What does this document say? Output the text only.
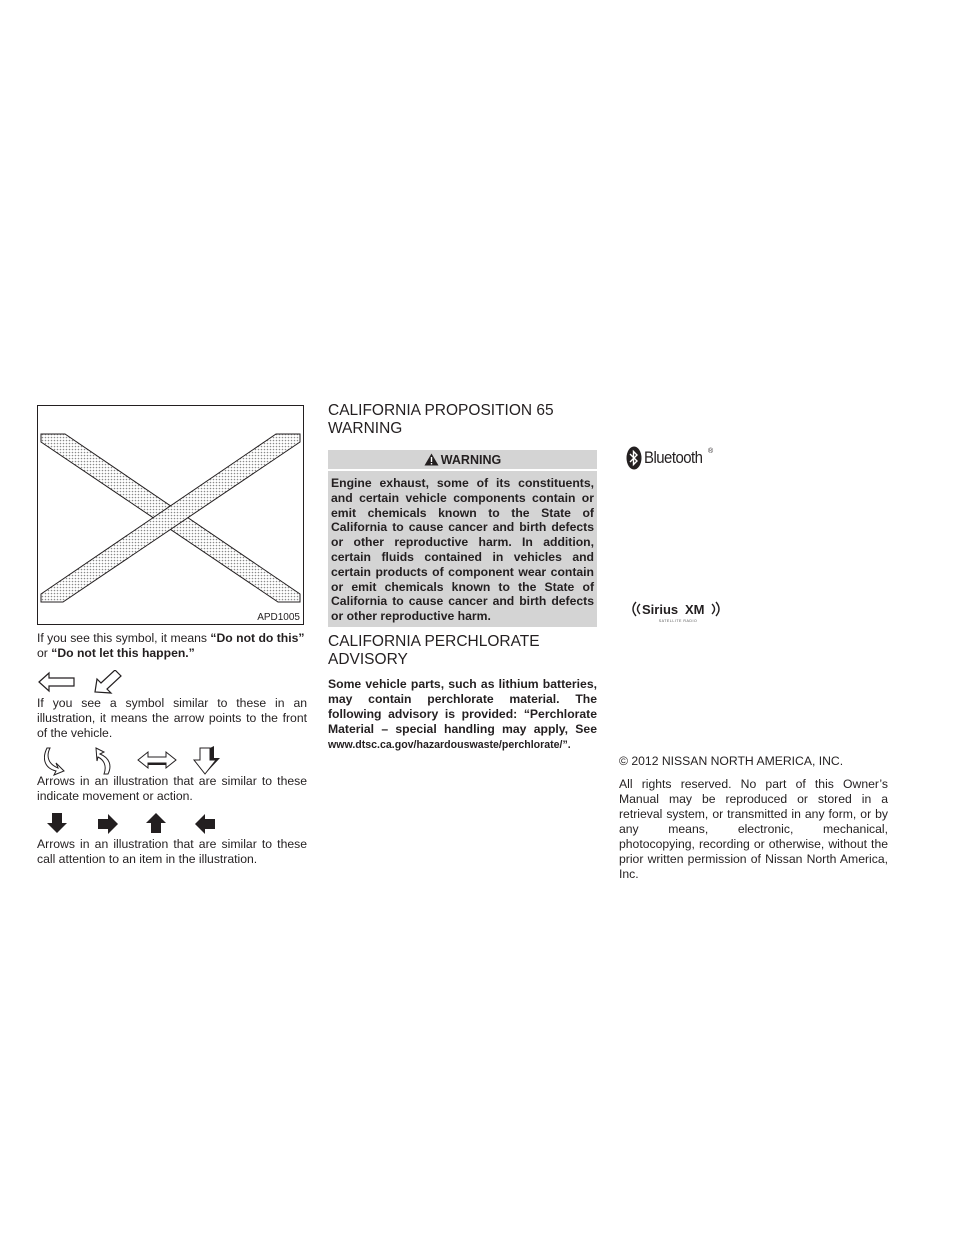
APD1005
If you see this symbol, it means “Do not do this” or “Do not let this happen.”
If you see a symbol similar to these in an illustration, it means the arrow points to the front of the vehicle.
Arrows in an illustration that are similar to these indicate movement or action.
Arrows in an illustration that are similar to these call attention to an item in the illustration.
CALIFORNIA PROPOSITION 65
WARNING
WARNING
Engine exhaust, some of its constituents, and certain vehicle components contain or emit chemicals known to the State of California to cause cancer and birth defects or other reproductive harm. In addition, certain fluids contained in vehicles and certain products of component wear contain or emit chemicals known to the State of California to cause cancer and birth defects or other reproductive harm.
CALIFORNIA PERCHLORATE
ADVISORY
Some vehicle parts, such as lithium batteries, may contain perchlorate material. The following advisory is provided: “Perchlorate Material – special handling may apply, See www.dtsc.ca.gov/hazardouswaste/perchlorate/”.
Bluetooth ®
Sirius XM
SATELLITE RADIO
© 2012 NISSAN NORTH AMERICA, INC.
All rights reserved. No part of this Owner’s Manual may be reproduced or stored in a retrieval system, or transmitted in any form, or by any means, electronic, mechanical, photocopying, recording or otherwise, without the prior written permission of Nissan North America, Inc.
